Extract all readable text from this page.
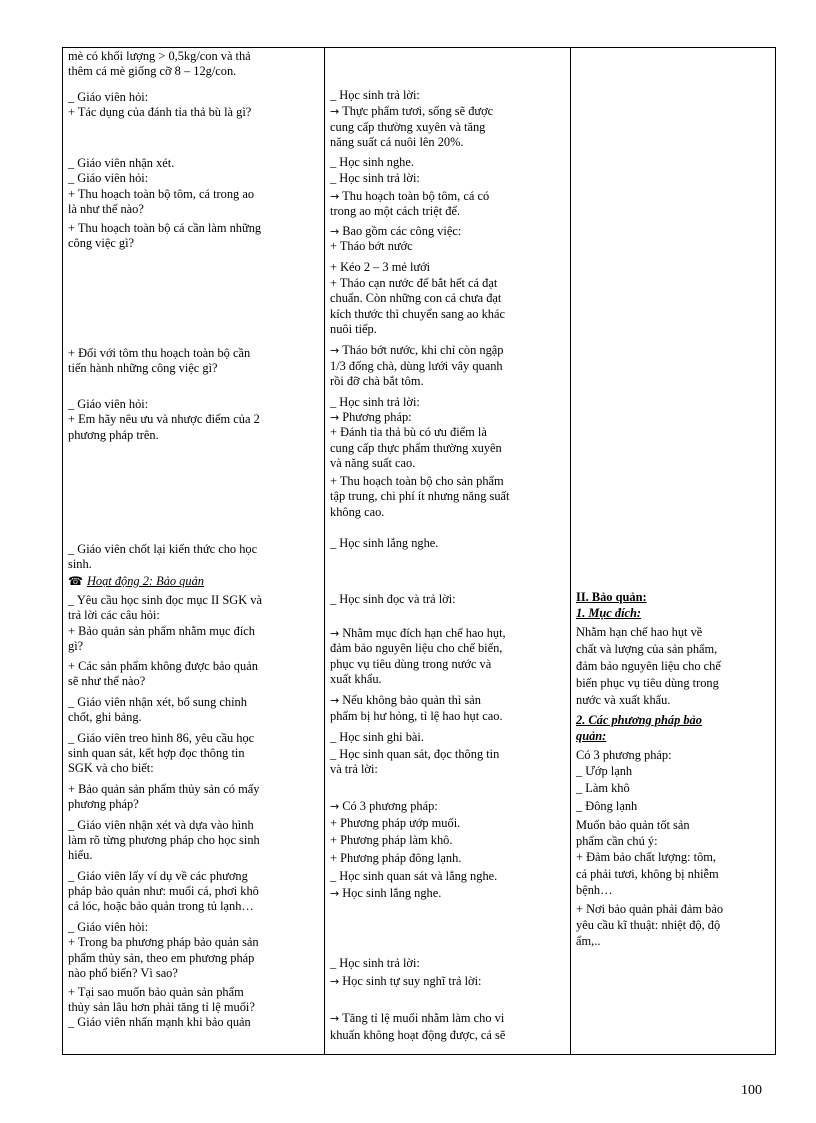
mè có khối lượng > 0,5kg/con và thả
thêm cá mè giống cỡ 8 – 12g/con.
_ Giáo viên hỏi:
+ Tác dụng của đánh tỉa thả bù là gì?
_ Giáo viên nhận xét.
_ Giáo viên hỏi:
+ Thu hoạch toàn bộ tôm, cá trong ao
là như thế nào?
+ Thu hoạch toàn bộ cá cần làm những
công việc gì?
+ Đối với tôm thu hoạch toàn bộ cần
tiến hành những công việc gì?
_ Giáo viên hỏi:
+ Em hãy nêu ưu và nhược điểm của 2
phương pháp trên.
_ Giáo viên chốt lại kiến thức cho học
sinh.
☎ Hoạt động 2: Bảo quản
_ Yêu cầu học sinh đọc mục II SGK và
trả lời các câu hỏi:
+ Bảo quản sản phẩm nhằm mục đích
gì?
+ Các sản phẩm không được bảo quản
sẽ như thế nào?
_ Giáo viên nhận xét, bổ sung chỉnh
chốt, ghi bảng.
_ Giáo viên treo hình 86, yêu cầu học
sinh quan sát, kết hợp đọc thông tin
SGK và cho biết:
+ Bảo quản sản phẩm thủy sản có mấy
phương pháp?
_ Giáo viên nhận xét và dựa vào hình
làm rõ từng phương pháp cho học sinh
hiểu.
_ Giáo viên lấy ví dụ về các phương
pháp bảo quản như: muối cá, phơi khô
cá lóc, hoặc bảo quản trong tủ lạnh…
_ Giáo viên hỏi:
+ Trong ba phương pháp bảo quản sản
phẩm thủy sản, theo em phương pháp
nào phổ biến? Vì sao?
+ Tại sao muốn bảo quản sản phẩm
thủy sản lâu hơn phải tăng tỉ lệ muối?
_ Giáo viên nhấn mạnh khi bảo quản

_ Học sinh trả lời:
→ Thực phẩm tươi, sống sẽ được
cung cấp thường xuyên và tăng
năng suất cá nuôi lên 20%.
_ Học sinh nghe.
_ Học sinh trả lời:
→ Thu hoạch toàn bộ tôm, cá có
trong ao một cách triệt để.
→ Bao gồm các công việc:
+ Tháo bớt nước
+ Kéo 2 – 3 mẻ lưới
+ Tháo cạn nước để bắt hết cá đạt
chuẩn. Còn những con cá chưa đạt
kích thước thì chuyển sang ao khác
nuôi tiếp.
→ Tháo bớt nước, khi chỉ còn ngập
1/3 đống chà, dùng lưới vây quanh
rồi đỡ chà bắt tôm.
_ Học sinh trả lời:
→ Phương pháp:
+ Đánh tỉa thả bù có ưu điểm là
cung cấp thực phẩm thường xuyên
và năng suất cao.
+ Thu hoạch toàn bộ cho sản phẩm
tập trung, chi phí ít nhưng năng suất
không cao.
_ Học sinh lắng nghe.
_ Học sinh đọc và trả lời:
→ Nhằm mục đích hạn chế hao hụt,
đảm bảo nguyên liệu cho chế biến,
phục vụ tiêu dùng trong nước và
xuất khẩu.
→ Nếu không bảo quản thì sản
phẩm bị hư hỏng, tỉ lệ hao hụt cao.
_ Học sinh ghi bài.
_ Học sinh quan sát, đọc thông tin
và trả lời:
→ Có 3 phương pháp:
+ Phương pháp ướp muối.
+ Phương pháp làm khô.
+ Phương pháp đông lạnh.
_ Học sinh quan sát và lắng nghe.
→ Học sinh lắng nghe.
_ Học sinh trả lời:
→ Học sinh tự suy nghĩ trả lời:
→ Tăng tỉ lệ muối nhằm làm cho vi
khuẩn không hoạt động được, cá sẽ

II. Bảo quản:
1. Mục đích:
Nhằm hạn chế hao hụt về
chất và lượng của sản phẩm,
đảm bảo nguyên liệu cho chế
biến phục vụ tiêu dùng trong
nước và xuất khẩu.
2. Các phương pháp bảo
quản:
Có 3 phương pháp:
_ Ướp lạnh
_ Làm khô
_ Đông lạnh
Muốn bảo quản tốt sản
phẩm cần chú ý:
+ Đảm bảo chất lượng: tôm,
cá phải tươi, không bị nhiễm
bệnh…
+ Nơi bảo quản phải đảm bảo
yêu cầu kĩ thuật: nhiệt độ, độ
ẩm,..
100
